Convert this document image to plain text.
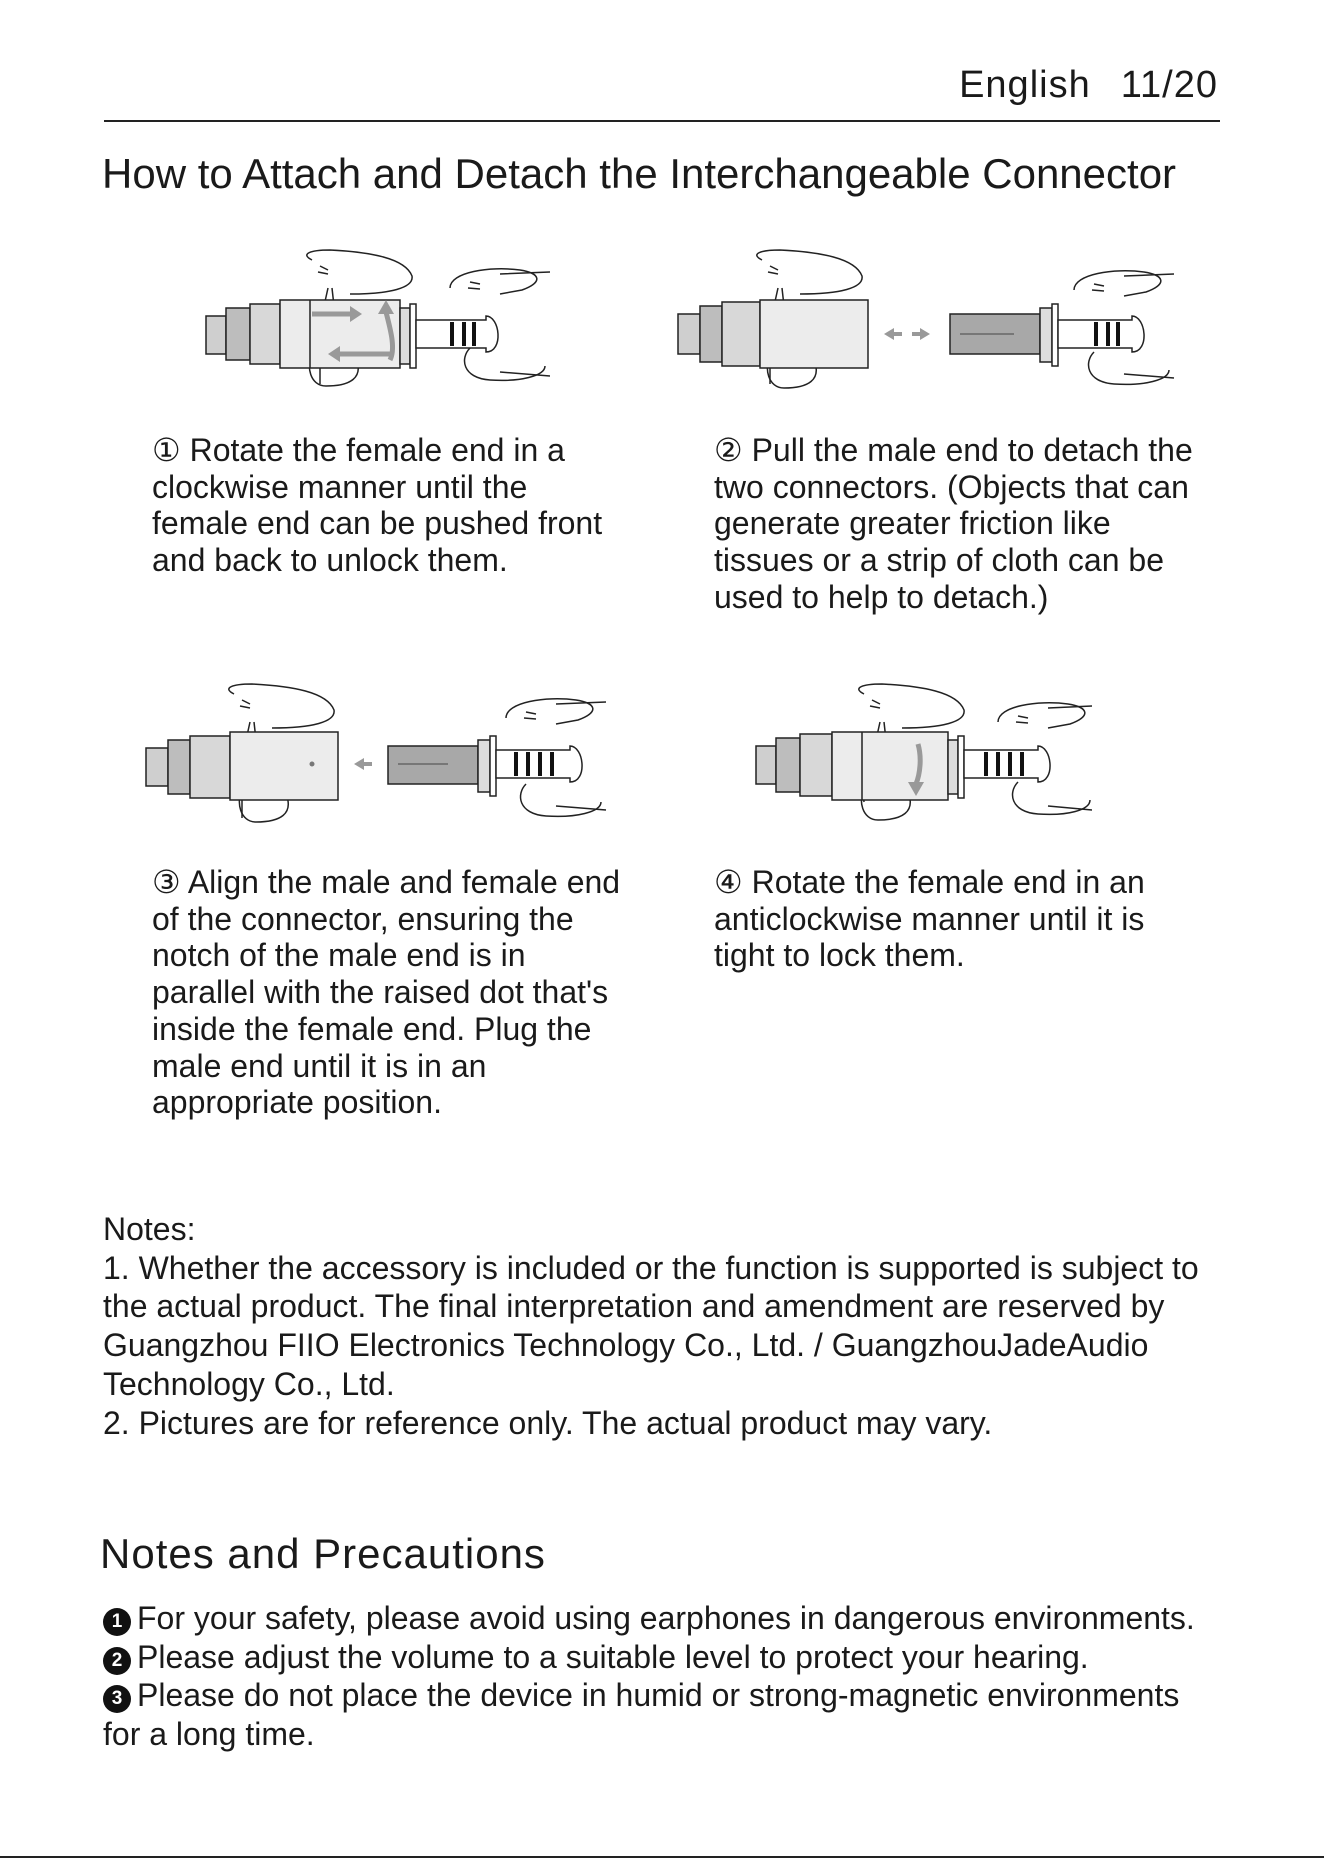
English 11/20
How to Attach and Detach the Interchangeable Connector

① Rotate the female end in a clockwise manner until the female end can be pushed front and back to unlock them.

② Pull the male end to detach the two connectors. (Objects that can generate greater friction like tissues or a strip of cloth can be used to help to detach.)

③ Align the male and female end of the connector, ensuring the notch of the male end is in parallel with the raised dot that's inside the female end. Plug the male end until it is in an appropriate position.

④ Rotate the female end in an anticlockwise manner until it is tight to lock them.

Notes:

1. Whether the accessory is included or the function is supported is subject to the actual product. The final interpretation and amendment are reserved by Guangzhou FIIO Electronics Technology Co., Ltd. / GuangzhouJadeAudio Technology Co., Ltd.

2. Pictures are for reference only. The actual product may vary.

Notes and Precautions

1 For your safety, please avoid using earphones in dangerous environments.

2 Please adjust the volume to a suitable level to protect your hearing.

3 Please do not place the device in humid or strong-magnetic environments for a long time.
